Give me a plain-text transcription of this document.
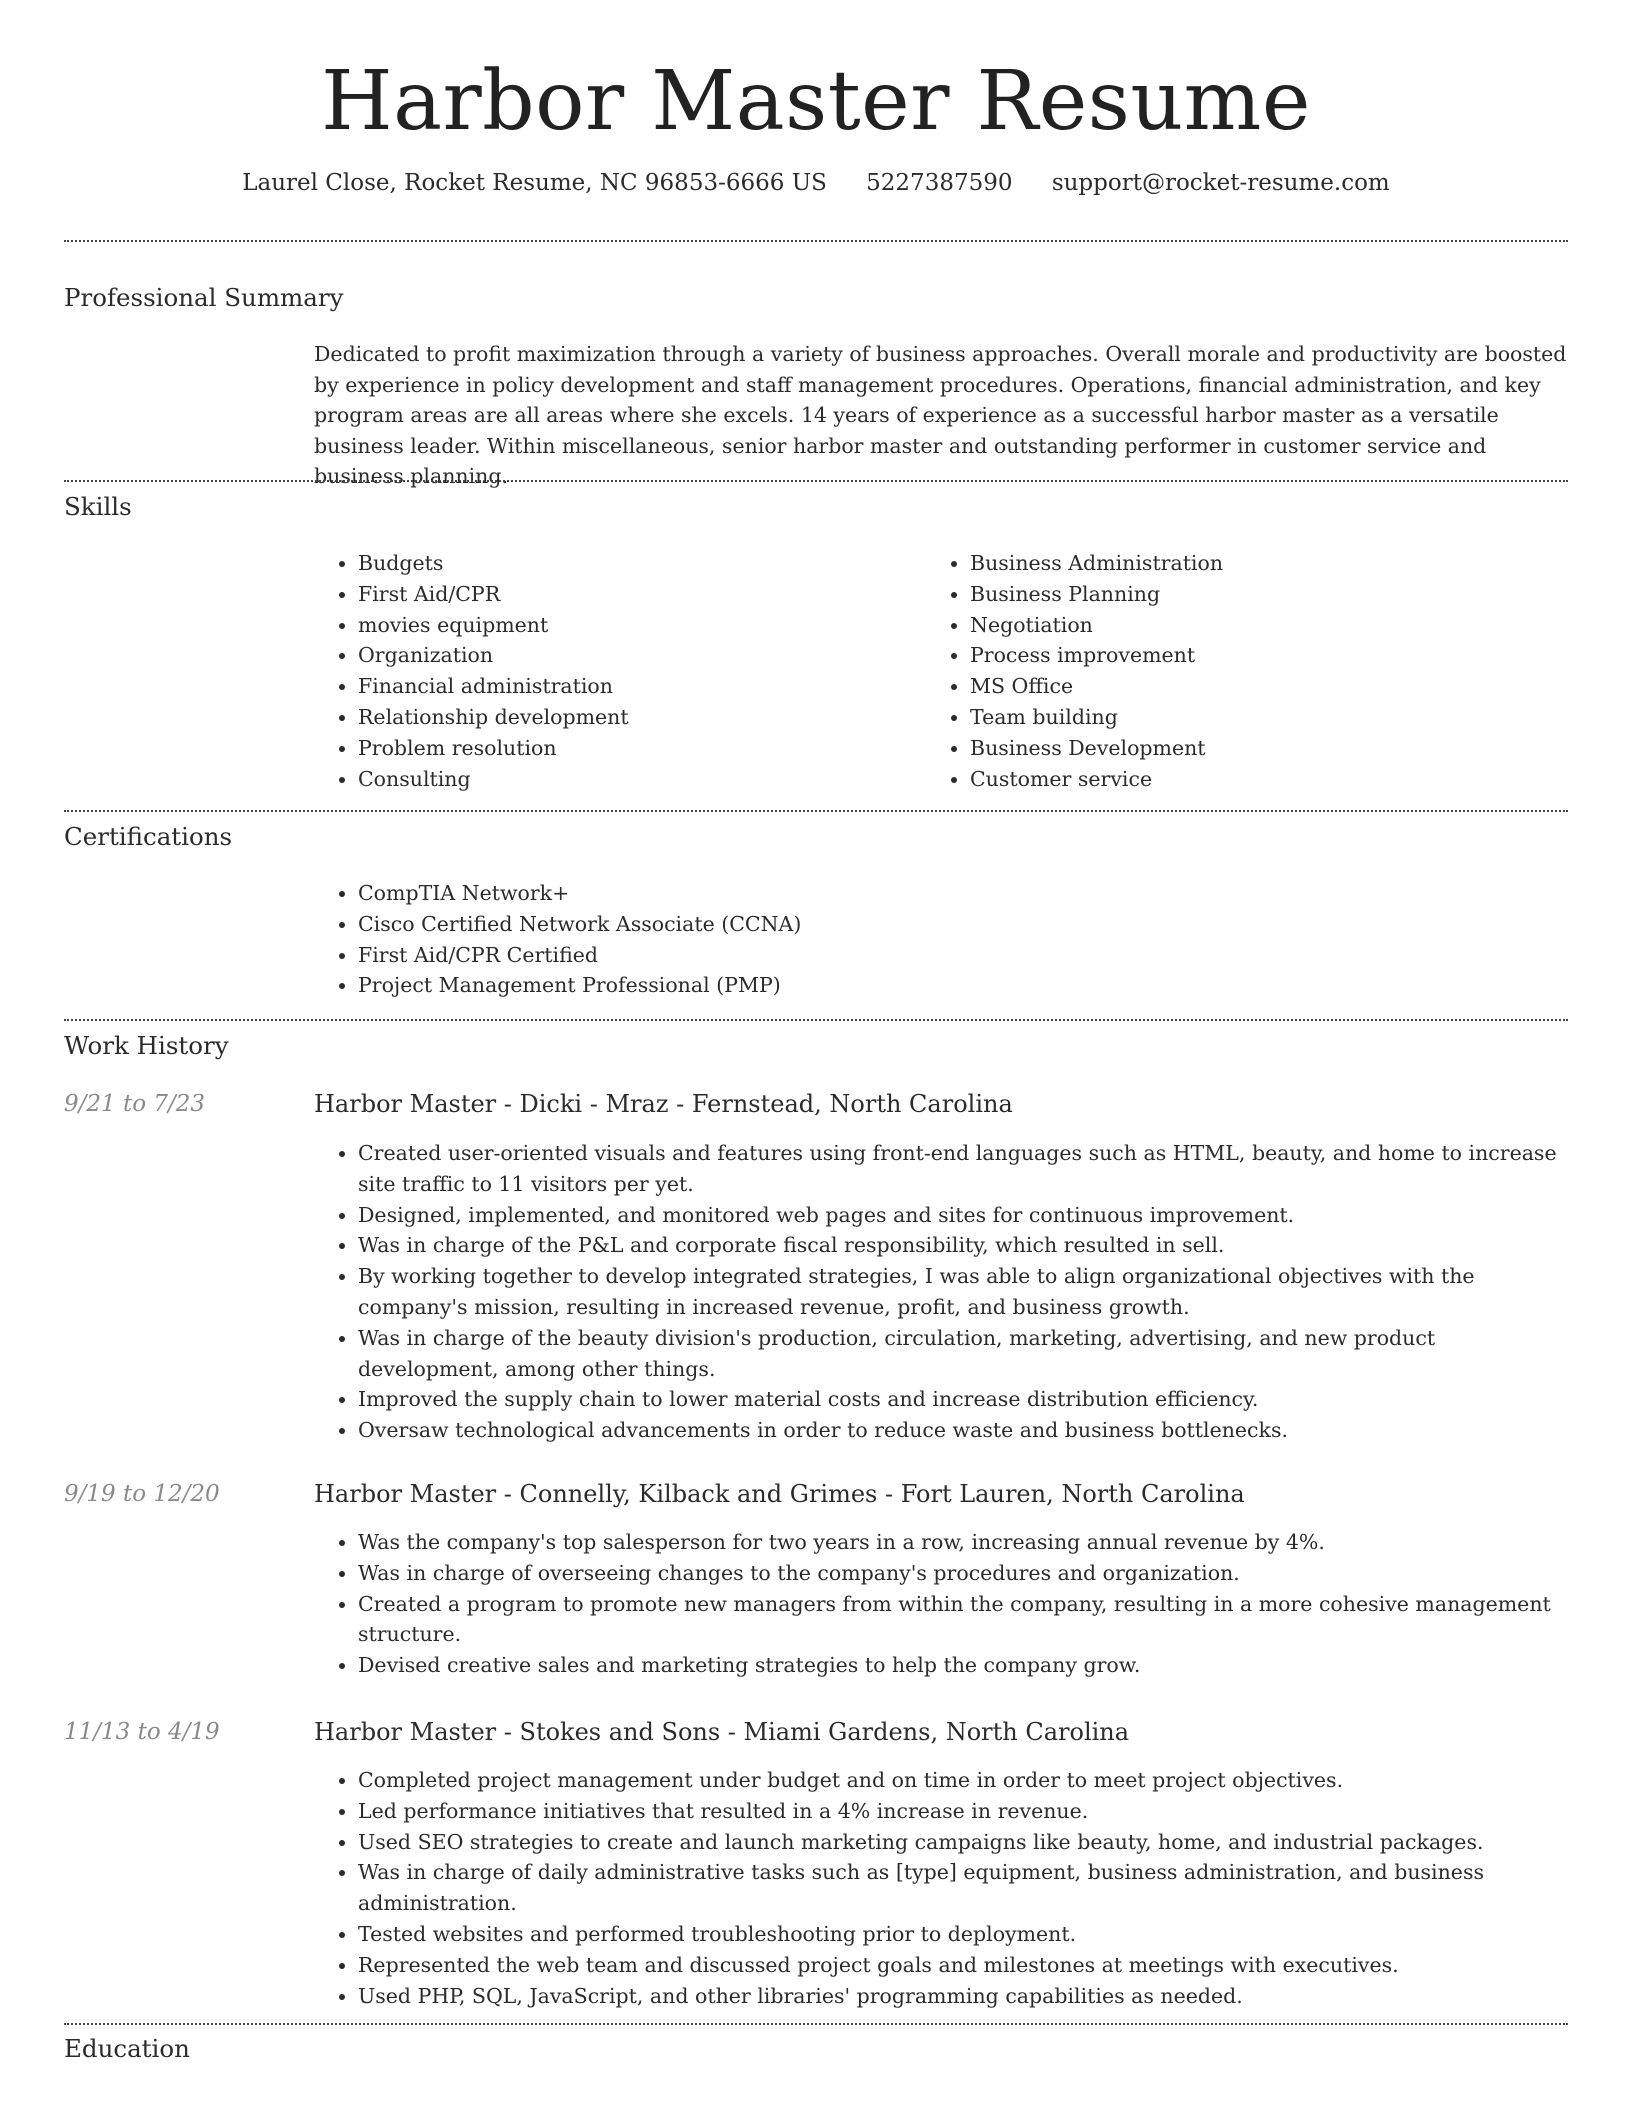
Harbor Master Resume
Laurel Close, Rocket Resume, NC 96853-6666 US 5227387590 support@rocket-resume.com
Professional Summary

Dedicated to profit maximization through a variety of business approaches. Overall morale and productivity are boosted by experience in policy development and staff management procedures. Operations, financial administration, and key program areas are all areas where she excels. 14 years of experience as a successful harbor master as a versatile business leader. Within miscellaneous, senior harbor master and outstanding performer in customer service and business planning.

Skills
• Budgets
• First Aid/CPR
• movies equipment
• Organization
• Financial administration
• Relationship development
• Problem resolution
• Consulting
• Business Administration
• Business Planning
• Negotiation
• Process improvement
• MS Office
• Team building
• Business Development
• Customer service
Certifications
• CompTIA Network+
• Cisco Certified Network Associate (CCNA)
• First Aid/CPR Certified
• Project Management Professional (PMP)
Work History
9/21 to 7/23	Harbor Master - Dicki - Mraz - Fernstead, North Carolina
• Created user-oriented visuals and features using front-end languages such as HTML, beauty, and home to increase site traffic to 11 visitors per yet.
• Designed, implemented, and monitored web pages and sites for continuous improvement.
• Was in charge of the P&L and corporate fiscal responsibility, which resulted in sell.
• By working together to develop integrated strategies, I was able to align organizational objectives with the company's mission, resulting in increased revenue, profit, and business growth.
• Was in charge of the beauty division's production, circulation, marketing, advertising, and new product development, among other things.
• Improved the supply chain to lower material costs and increase distribution efficiency.
• Oversaw technological advancements in order to reduce waste and business bottlenecks.
9/19 to 12/20	Harbor Master - Connelly, Kilback and Grimes - Fort Lauren, North Carolina
• Was the company's top salesperson for two years in a row, increasing annual revenue by 4%.
• Was in charge of overseeing changes to the company's procedures and organization.
• Created a program to promote new managers from within the company, resulting in a more cohesive management structure.
• Devised creative sales and marketing strategies to help the company grow.
11/13 to 4/19	Harbor Master - Stokes and Sons - Miami Gardens, North Carolina
• Completed project management under budget and on time in order to meet project objectives.
• Led performance initiatives that resulted in a 4% increase in revenue.
• Used SEO strategies to create and launch marketing campaigns like beauty, home, and industrial packages.
• Was in charge of daily administrative tasks such as [type] equipment, business administration, and business administration.
• Tested websites and performed troubleshooting prior to deployment.
• Represented the web team and discussed project goals and milestones at meetings with executives.
• Used PHP, SQL, JavaScript, and other libraries' programming capabilities as needed.
Education
